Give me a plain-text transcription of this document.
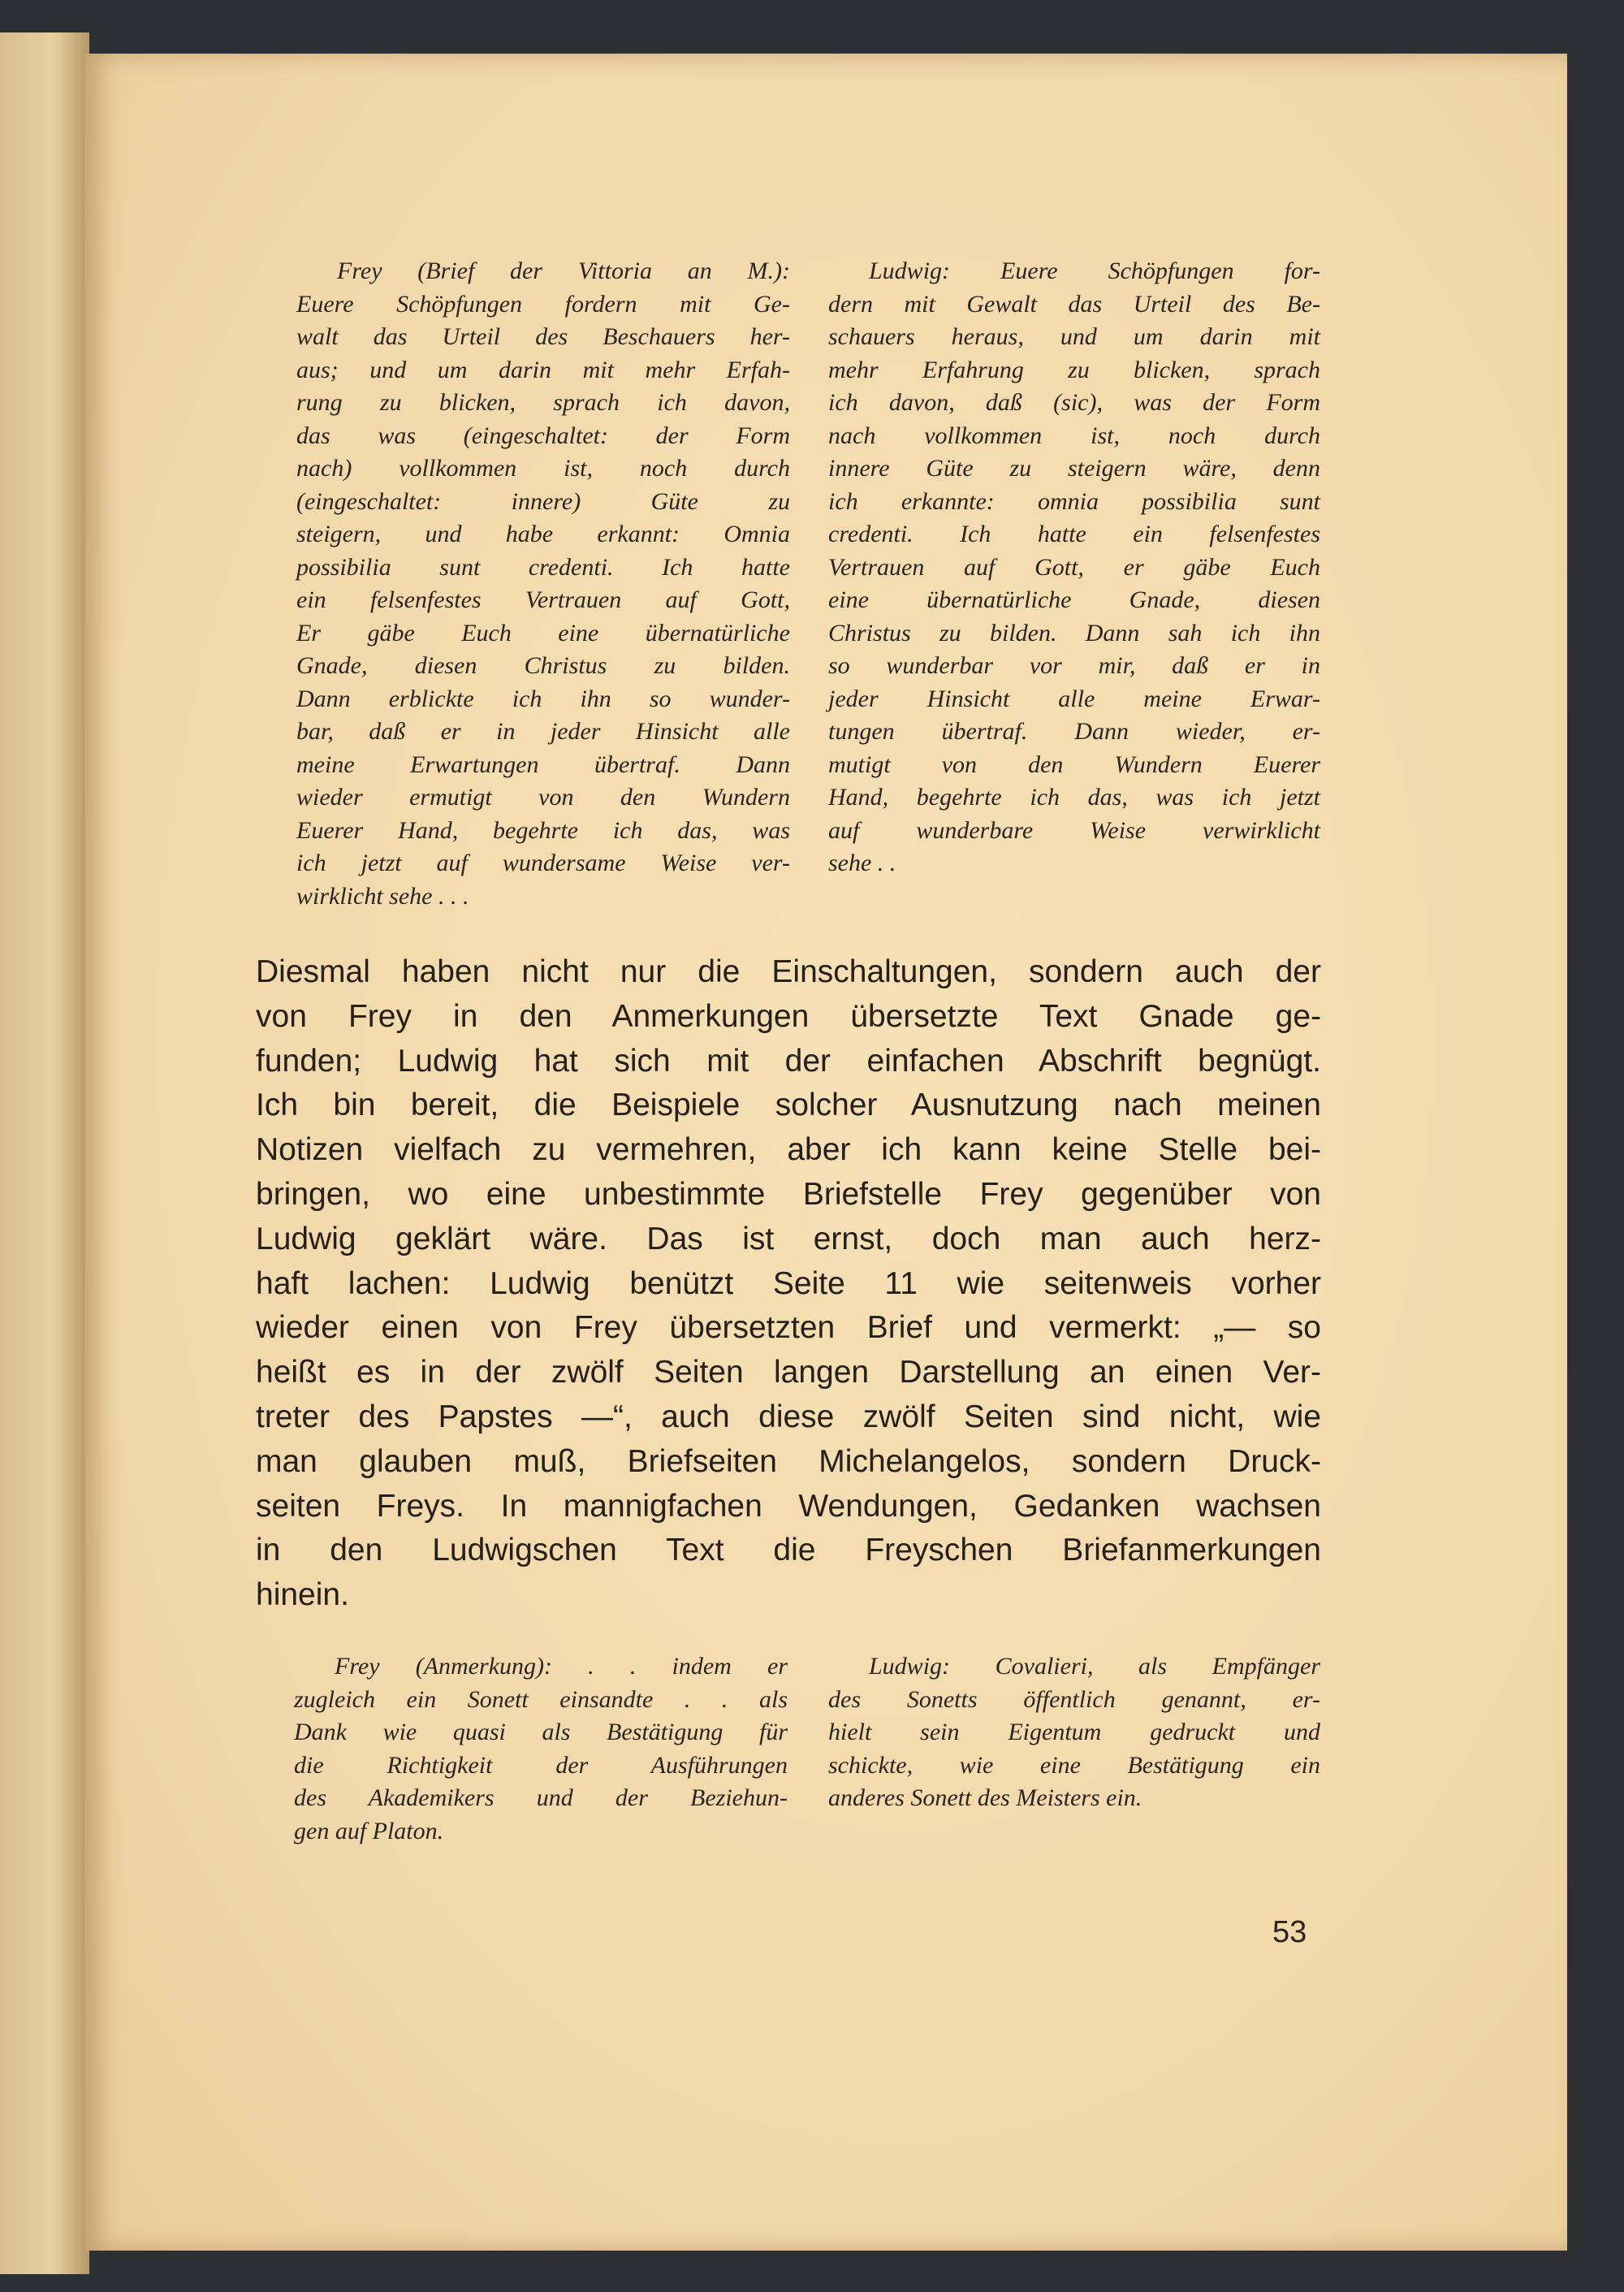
Frey (Brief der Vittoria an M.):
Euere Schöpfungen fordern mit Ge-
walt das Urteil des Beschauers her-
aus; und um darin mit mehr Erfah-
rung zu blicken, sprach ich davon,
das was (eingeschaltet: der Form
nach) vollkommen ist, noch durch
(eingeschaltet: innere) Güte zu
steigern, und habe erkannt: Omnia
possibilia sunt credenti. Ich hatte
ein felsenfestes Vertrauen auf Gott,
Er gäbe Euch eine übernatürliche
Gnade, diesen Christus zu bilden.
Dann erblickte ich ihn so wunder-
bar, daß er in jeder Hinsicht alle
meine Erwartungen übertraf. Dann
wieder ermutigt von den Wundern
Euerer Hand, begehrte ich das, was
ich jetzt auf wundersame Weise ver-
wirklicht sehe . . .
Ludwig: Euere Schöpfungen for-
dern mit Gewalt das Urteil des Be-
schauers heraus, und um darin mit
mehr Erfahrung zu blicken, sprach
ich davon, daß (sic), was der Form
nach vollkommen ist, noch durch
innere Güte zu steigern wäre, denn
ich erkannte: omnia possibilia sunt
credenti. Ich hatte ein felsenfestes
Vertrauen auf Gott, er gäbe Euch
eine übernatürliche Gnade, diesen
Christus zu bilden. Dann sah ich ihn
so wunderbar vor mir, daß er in
jeder Hinsicht alle meine Erwar-
tungen übertraf. Dann wieder, er-
mutigt von den Wundern Euerer
Hand, begehrte ich das, was ich jetzt
auf wunderbare Weise verwirklicht
sehe . .
Diesmal haben nicht nur die Einschaltungen, sondern auch der
von Frey in den Anmerkungen übersetzte Text Gnade ge-
funden; Ludwig hat sich mit der einfachen Abschrift begnügt.
Ich bin bereit, die Beispiele solcher Ausnutzung nach meinen
Notizen vielfach zu vermehren, aber ich kann keine Stelle bei-
bringen, wo eine unbestimmte Briefstelle Frey gegenüber von
Ludwig geklärt wäre. Das ist ernst, doch man auch herz-
haft lachen: Ludwig benützt Seite 11 wie seitenweis vorher
wieder einen von Frey übersetzten Brief und vermerkt: „— so
heißt es in der zwölf Seiten langen Darstellung an einen Ver-
treter des Papstes —“, auch diese zwölf Seiten sind nicht, wie
man glauben muß, Briefseiten Michelangelos, sondern Druck-
seiten Freys. In mannigfachen Wendungen, Gedanken wachsen
in den Ludwigschen Text die Freyschen Briefanmerkungen
hinein.
Frey (Anmerkung): . . indem er
zugleich ein Sonett einsandte . . als
Dank wie quasi als Bestätigung für
die Richtigkeit der Ausführungen
des Akademikers und der Beziehun-
gen auf Platon.
Ludwig: Covalieri, als Empfänger
des Sonetts öffentlich genannt, er-
hielt sein Eigentum gedruckt und
schickte, wie eine Bestätigung ein
anderes Sonett des Meisters ein.
53
